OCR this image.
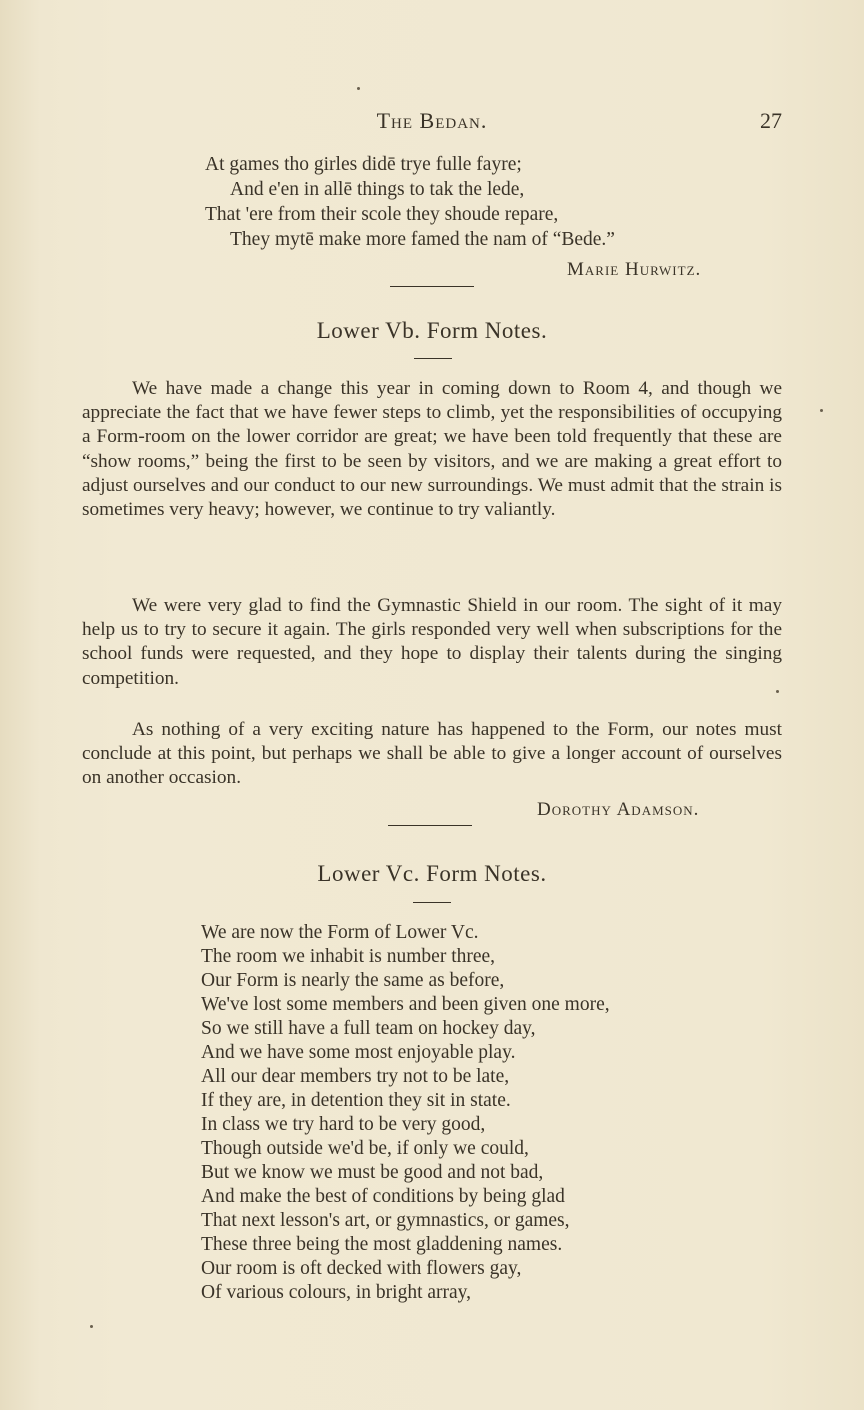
The Bedan.	27
At games tho girles didē trye fulle fayre;
And e'en in allē things to tak the lede,
That 'ere from their scole they shoude repare,
They mytē make more famed the nam of “Bede.”
Marie Hurwitz.
Lower Vb. Form Notes.
We have made a change this year in coming down to Room 4, and though we appreciate the fact that we have fewer steps to climb, yet the responsibilities of occupying a Form-room on the lower corridor are great; we have been told frequently that these are “show rooms,” being the first to be seen by visitors, and we are making a great effort to adjust ourselves and our conduct to our new surroundings. We must admit that the strain is sometimes very heavy; however, we continue to try valiantly.
We were very glad to find the Gymnastic Shield in our room. The sight of it may help us to try to secure it again. The girls responded very well when subscriptions for the school funds were requested, and they hope to display their talents during the singing competition.
As nothing of a very exciting nature has happened to the Form, our notes must conclude at this point, but perhaps we shall be able to give a longer account of ourselves on another occasion.
Dorothy Adamson.
Lower Vc. Form Notes.
We are now the Form of Lower Vc.
The room we inhabit is number three,
Our Form is nearly the same as before,
We've lost some members and been given one more,
So we still have a full team on hockey day,
And we have some most enjoyable play.
All our dear members try not to be late,
If they are, in detention they sit in state.
In class we try hard to be very good,
Though outside we'd be, if only we could,
But we know we must be good and not bad,
And make the best of conditions by being glad
That next lesson's art, or gymnastics, or games,
These three being the most gladdening names.
Our room is oft decked with flowers gay,
Of various colours, in bright array,
